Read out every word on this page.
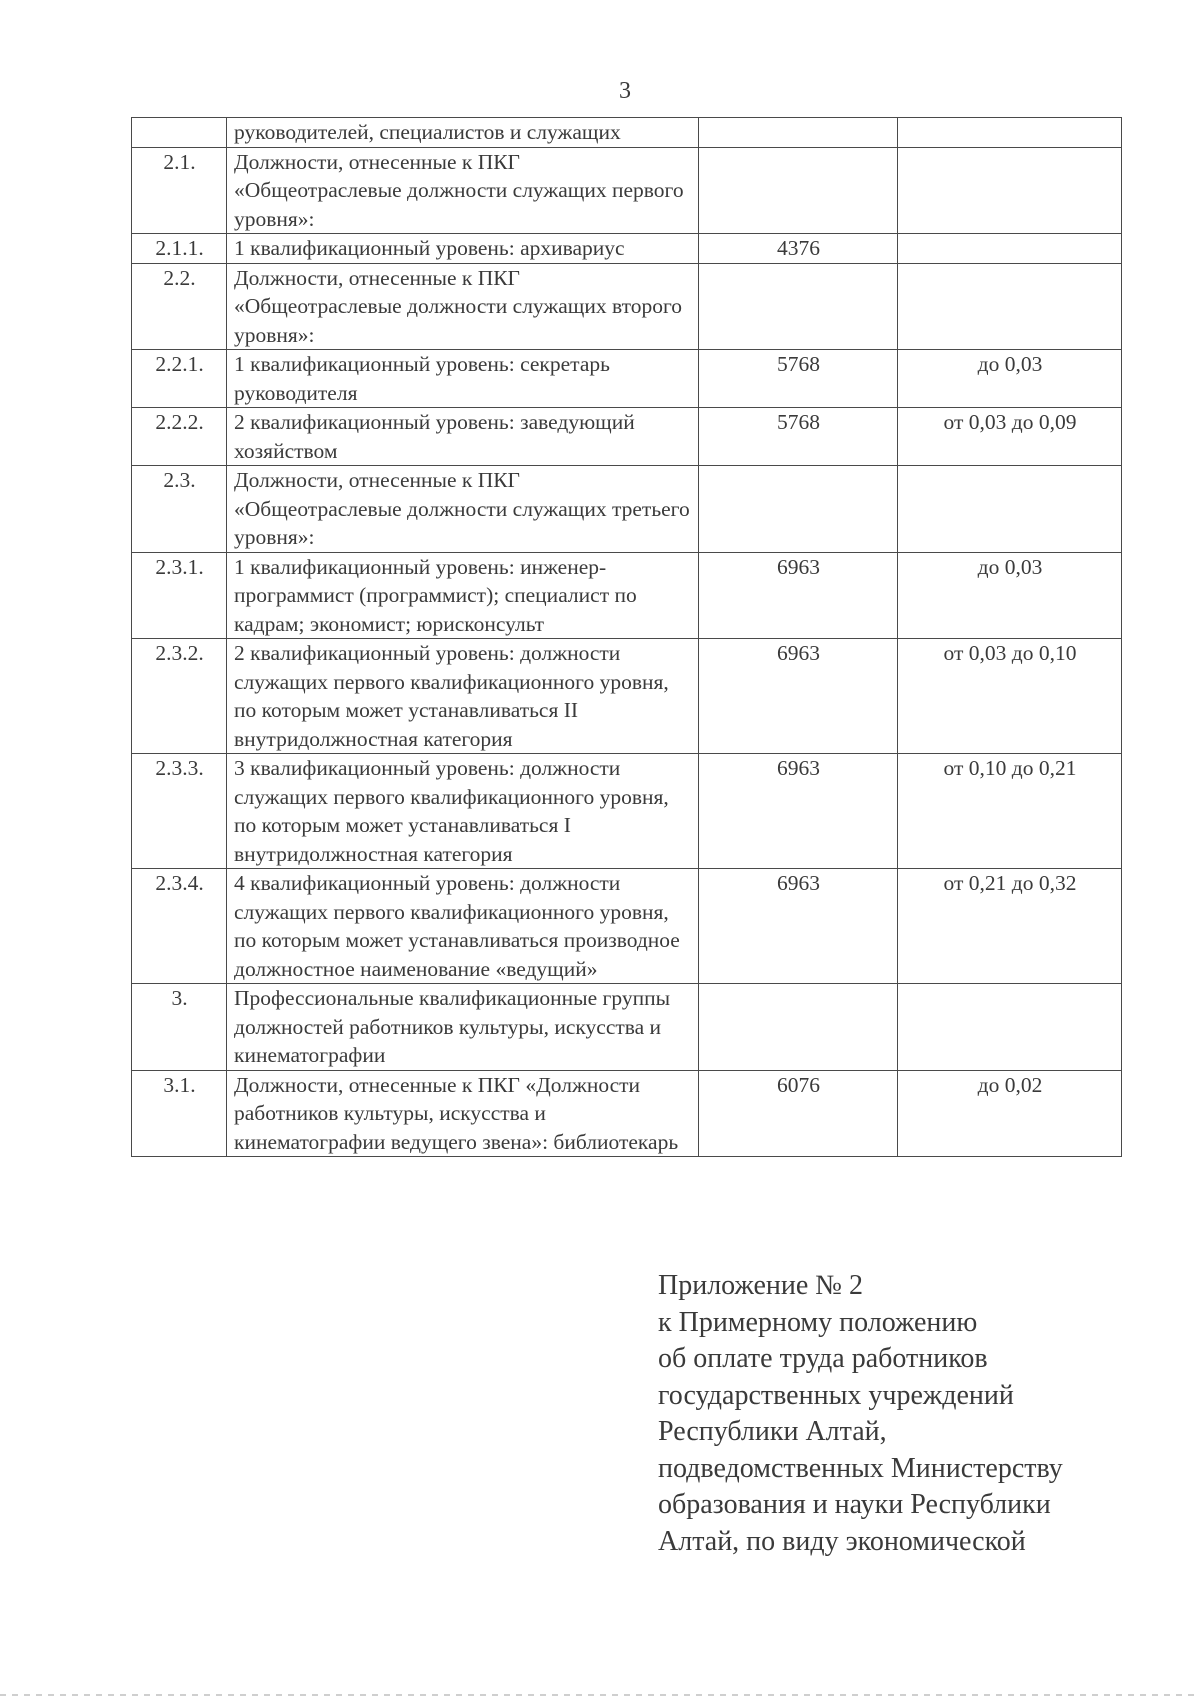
3
	руководителей, специалистов и служащих		
2.1.	Должности, отнесенные к ПКГ «Общеотраслевые должности служащих первого уровня»:		
2.1.1.	1 квалификационный уровень: архивариус	4376	
2.2.	Должности, отнесенные к ПКГ «Общеотраслевые должности служащих второго уровня»:		
2.2.1.	1 квалификационный уровень: секретарь руководителя	5768	до 0,03
2.2.2.	2 квалификационный уровень: заведующий хозяйством	5768	от 0,03 до 0,09
2.3.	Должности, отнесенные к ПКГ «Общеотраслевые должности служащих третьего уровня»:		
2.3.1.	1 квалификационный уровень: инженер-программист (программист); специалист по кадрам; экономист; юрисконсульт	6963	до 0,03
2.3.2.	2 квалификационный уровень: должности служащих первого квалификационного уровня, по которым может устанавливаться II внутридолжностная категория	6963	от 0,03 до 0,10
2.3.3.	3 квалификационный уровень: должности служащих первого квалификационного уровня, по которым может устанавливаться I внутридолжностная категория	6963	от 0,10 до 0,21
2.3.4.	4 квалификационный уровень: должности служащих первого квалификационного уровня, по которым может устанавливаться производное должностное наименование «ведущий»	6963	от 0,21 до 0,32
3.	Профессиональные квалификационные группы должностей работников культуры, искусства и кинематографии		
3.1.	Должности, отнесенные к ПКГ «Должности работников культуры, искусства и кинематографии ведущего звена»: библиотекарь	6076	до 0,02
Приложение № 2
к Примерному положению
об оплате труда работников
государственных учреждений
Республики Алтай,
подведомственных Министерству
образования и науки Республики
Алтай, по виду экономической
